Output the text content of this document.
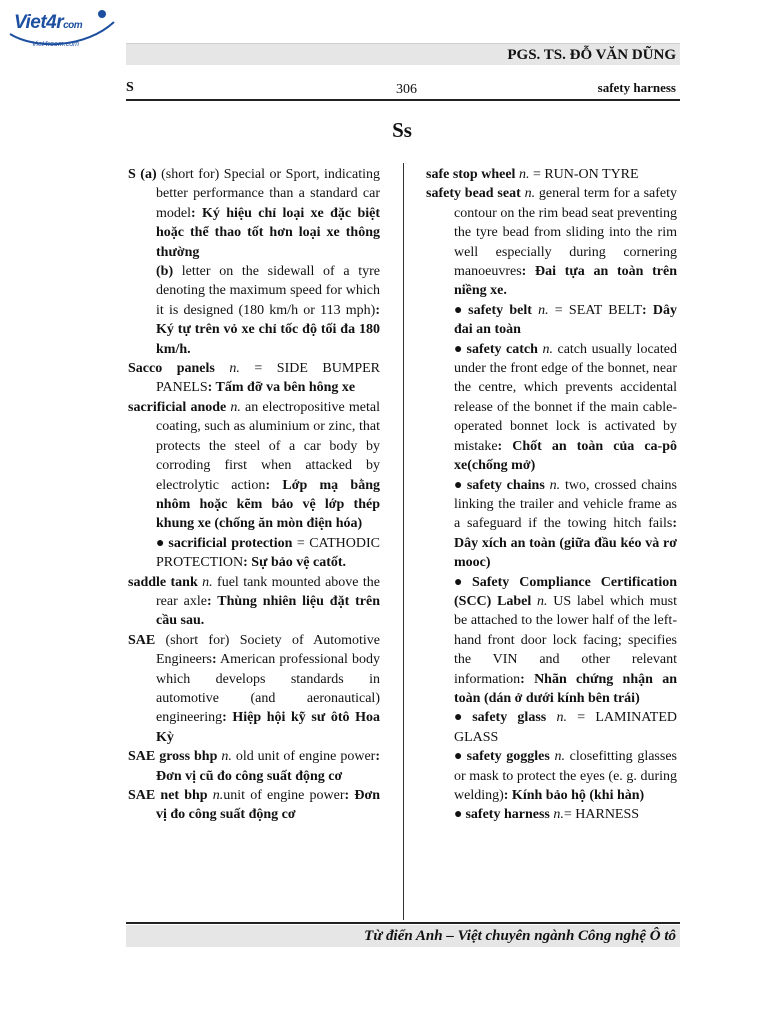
Viet4rcom
Viet4room.com
PGS. TS. ĐỖ VĂN DŨNG
S	306	safety harness
Ss

S (a) (short for) Special or Sport, indicating better performance than a standard car model: Ký hiệu chỉ loại xe đặc biệt hoặc thể thao tốt hơn loại xe thông thường

(b) letter on the sidewall of a tyre denoting the maximum speed for which it is designed (180 km/h or 113 mph): Ký tự trên vỏ xe chỉ tốc độ tối đa 180 km/h.

Sacco panels n. = SIDE BUMPER PANELS: Tấm đỡ va bên hông xe

sacrificial anode n. an electropositive metal coating, such as aluminium or zinc, that protects the steel of a car body by corroding first when attacked by electrolytic action: Lớp mạ bằng nhôm hoặc kẽm bảo vệ lớp thép khung xe (chống ăn mòn điện hóa)

● sacrificial protection = CATHODIC PROTECTION: Sự bảo vệ catốt.

saddle tank n. fuel tank mounted above the rear axle: Thùng nhiên liệu đặt trên cầu sau.

SAE (short for) Society of Automotive Engineers: American professional body which develops standards in automotive (and aeronautical) engineering: Hiệp hội kỹ sư ôtô Hoa Kỳ

SAE gross bhp n. old unit of engine power: Đơn vị cũ đo công suất động cơ

SAE net bhp n.unit of engine power: Đơn vị đo công suất động cơ

safe stop wheel n. = RUN-ON TYRE

safety bead seat n. general term for a safety contour on the rim bead seat preventing the tyre bead from sliding into the rim well especially during cornering manoeuvres: Đai tựa an toàn trên niềng xe.

● safety belt n. = SEAT BELT: Dây đai an toàn

● safety catch n. catch usually located under the front edge of the bonnet, near the centre, which prevents accidental release of the bonnet if the main cable-operated bonnet lock is activated by mistake: Chốt an toàn của ca-pô xe(chống mở)

● safety chains n. two, crossed chains linking the trailer and vehicle frame as a safeguard if the towing hitch fails: Dây xích an toàn (giữa đầu kéo và rơ mooc)

● Safety Compliance Certification (SCC) Label n. US label which must be attached to the lower half of the left-hand front door lock facing; specifies the VIN and other relevant information: Nhãn chứng nhận an toàn (dán ở dưới kính bên trái)

● safety glass n. = LAMINATED GLASS

● safety goggles n. closefitting glasses or mask to protect the eyes (e. g. during welding): Kính bảo hộ (khi hàn)

● safety harness n.= HARNESS

Từ điển Anh – Việt chuyên ngành Công nghệ Ô tô
